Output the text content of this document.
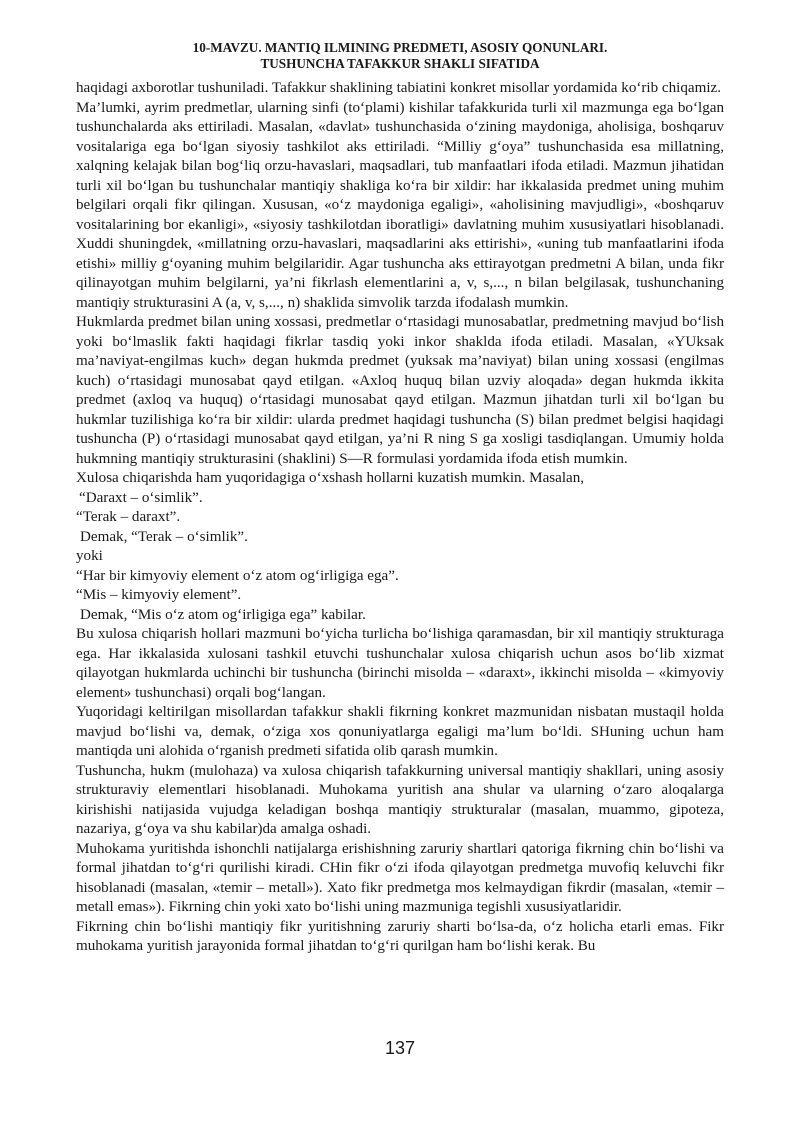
10-MAVZU. MANTIQ ILMINING PREDMETI, ASOSIY QONUNLARI.
TUSHUNCHA TAFAKKUR SHAKLI SIFATIDA

haqidagi axborotlar tushuniladi. Tafakkur shaklining tabiatini konkret misollar yordamida ko‘rib chiqamiz.

Ma’lumki, ayrim predmetlar, ularning sinfi (to‘plami) kishilar tafakkurida turli xil mazmunga ega bo‘lgan tushunchalarda aks ettiriladi. Masalan, «davlat» tushunchasida o‘zining maydoniga, aholisiga, boshqaruv vositalariga ega bo‘lgan siyosiy tashkilot aks ettiriladi. “Milliy g‘oya” tushunchasida esa millatning, xalqning kelajak bilan bog‘liq orzu-havaslari, maqsadlari, tub manfaatlari ifoda etiladi. Mazmun jihatidan turli xil bo‘lgan bu tushunchalar mantiqiy shakliga ko‘ra bir xildir: har ikkalasida predmet uning muhim belgilari orqali fikr qilingan. Xususan, «o‘z maydoniga egaligi», «aholisining mavjudligi», «boshqaruv vositalarining bor ekanligi», «siyosiy tashkilotdan iboratligi» davlatning muhim xususiyatlari hisoblanadi. Xuddi shuningdek, «millatning orzu-havaslari, maqsadlarini aks ettirishi», «uning tub manfaatlarini ifoda etishi» milliy g‘oyaning muhim belgilaridir. Agar tushuncha aks ettirayotgan predmetni A bilan, unda fikr qilinayotgan muhim belgilarni, ya’ni fikrlash elementlarini a, v, s,..., n bilan belgilasak, tushunchaning mantiqiy strukturasini A (a, v, s,..., n) shaklida simvolik tarzda ifodalash mumkin.

Hukmlarda predmet bilan uning xossasi, predmetlar o‘rtasidagi munosabatlar, predmetning mavjud bo‘lish yoki bo‘lmaslik fakti haqidagi fikrlar tasdiq yoki inkor shaklda ifoda etiladi. Masalan, «YUksak ma’naviyat-engilmas kuch» degan hukmda predmet (yuksak ma’naviyat) bilan uning xossasi (engilmas kuch) o‘rtasidagi munosabat qayd etilgan. «Axloq huquq bilan uzviy aloqada» degan hukmda ikkita predmet (axloq va huquq) o‘rtasidagi munosabat qayd etilgan. Mazmun jihatdan turli xil bo‘lgan bu hukmlar tuzilishiga ko‘ra bir xildir: ularda predmet haqidagi tushuncha (S) bilan predmet belgisi haqidagi tushuncha (P) o‘rtasidagi munosabat qayd etilgan, ya’ni R ning S ga xosligi tasdiqlangan. Umumiy holda hukmning mantiqiy strukturasini (shaklini) S—R formulasi yordamida ifoda etish mumkin.

Xulosa chiqarishda ham yuqoridagiga o‘xshash hollarni kuzatish mumkin. Masalan,

“Daraxt – o‘simlik”.

“Terak – daraxt”.

Demak, “Terak – o‘simlik”.

yoki

“Har bir kimyoviy element o‘z atom og‘irligiga ega”.

“Mis – kimyoviy element”.

Demak, “Mis o‘z atom og‘irligiga ega” kabilar.

Bu xulosa chiqarish hollari mazmuni bo‘yicha turlicha bo‘lishiga qaramasdan, bir xil mantiqiy strukturaga ega. Har ikkalasida xulosani tashkil etuvchi tushunchalar xulosa chiqarish uchun asos bo‘lib xizmat qilayotgan hukmlarda uchinchi bir tushuncha (birinchi misolda – «daraxt», ikkinchi misolda – «kimyoviy element» tushunchasi) orqali bog‘langan.

Yuqoridagi keltirilgan misollardan tafakkur shakli fikrning konkret mazmunidan nisbatan mustaqil holda mavjud bo‘lishi va, demak, o‘ziga xos qonuniyatlarga egaligi ma’lum bo‘ldi. SHuning uchun ham mantiqda uni alohida o‘rganish predmeti sifatida olib qarash mumkin.

Tushuncha, hukm (mulohaza) va xulosa chiqarish tafakkurning universal mantiqiy shakllari, uning asosiy strukturaviy elementlari hisoblanadi. Muhokama yuritish ana shular va ularning o‘zaro aloqalarga kirishishi natijasida vujudga keladigan boshqa mantiqiy strukturalar (masalan, muammo, gipoteza, nazariya, g‘oya va shu kabilar)da amalga oshadi.

Muhokama yuritishda ishonchli natijalarga erishishning zaruriy shartlari qatoriga fikrning chin bo‘lishi va formal jihatdan to‘g‘ri qurilishi kiradi. CHin fikr o‘zi ifoda qilayotgan predmetga muvofiq keluvchi fikr hisoblanadi (masalan, «temir – metall»). Xato fikr predmetga mos kelmaydigan fikrdir (masalan, «temir – metall emas»). Fikrning chin yoki xato bo‘lishi uning mazmuniga tegishli xususiyatlaridir.

Fikrning chin bo‘lishi mantiqiy fikr yuritishning zaruriy sharti bo‘lsa-da, o‘z holicha etarli emas. Fikr muhokama yuritish jarayonida formal jihatdan to‘g‘ri qurilgan ham bo‘lishi kerak. Bu

137
